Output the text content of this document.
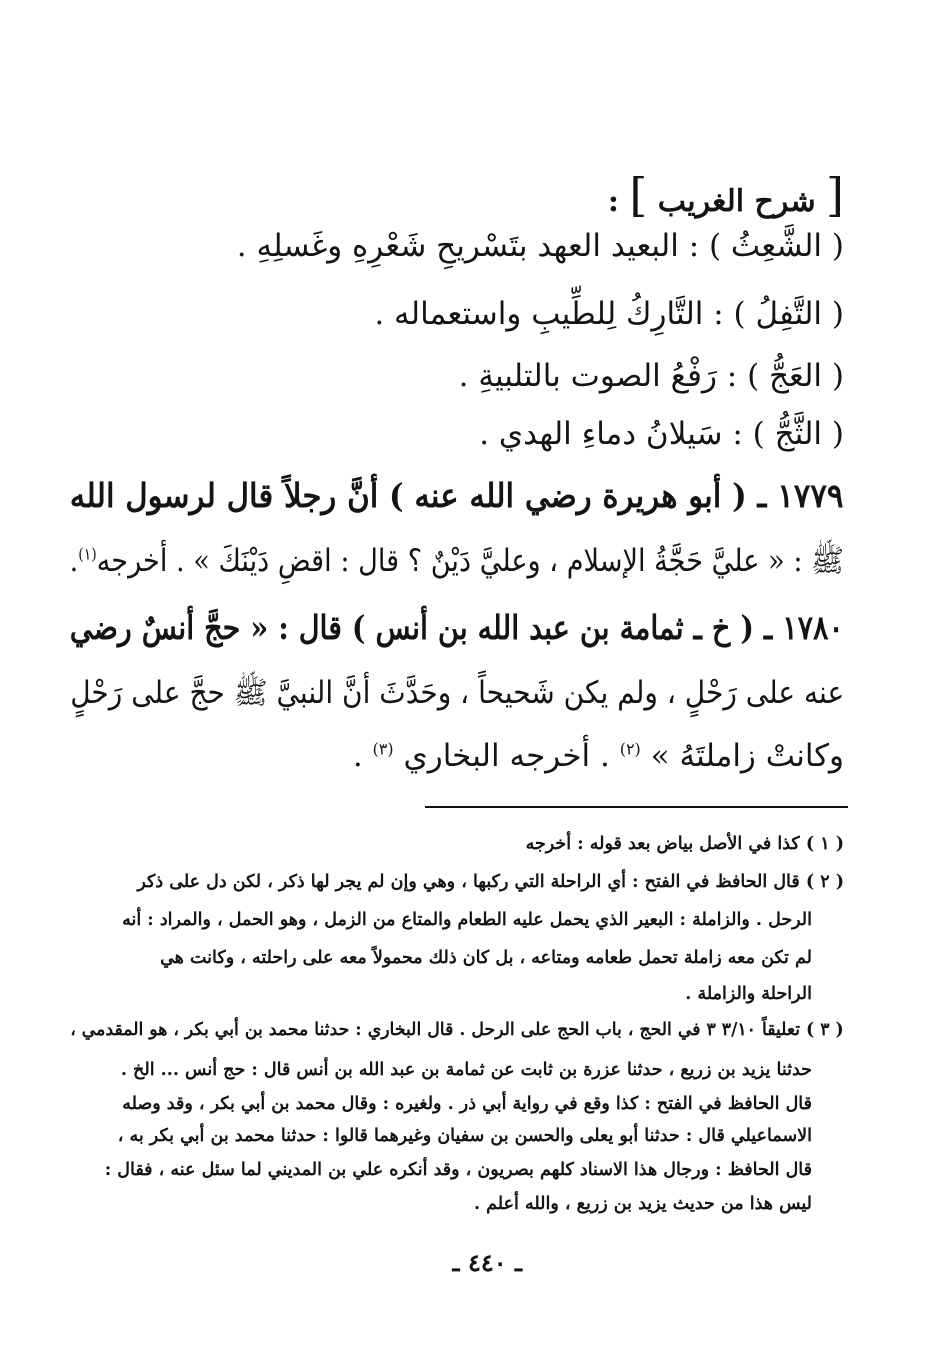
[ شرح الغريب ] :
( الشَّعِثُ ) : البعيد العهد بتَسْريحِ شَعْرِهِ وغَسلِهِ .
( التَّفِلُ ) : التَّارِكُ لِلطِّيبِ واستعماله .
( العَجُّ ) : رَفْعُ الصوت بالتلبيةِ .
( الثَّجُّ ) : سَيلانُ دماءِ الهدي .
١٧٧٩ ـ ( أبو هريرة رضي الله عنه ) أنَّ رجلاً قال لرسول الله
ﷺ : « عليَّ حَجَّةُ الإسلام ، وعليَّ دَيْنٌ ؟ قال : اقضِ دَيْنَكَ » . أخرجه$^{(١)}$.
١٧٨٠ ـ ( خ ـ ثمامة بن عبد الله بن أنس ) قال : « حجَّ أنسٌ رضي
عنه على رَحْلٍ ، ولم يكن شَحيحاً ، وحَدَّثَ أنَّ النبيَّ ﷺ حجَّ على رَحْلٍ
وكانتْ زاملتَهُ » $^{(٢)}$ . أخرجه البخاري $^{(٣)}$ .
( ١ ) كذا في الأصل بياض بعد قوله : أخرجه
( ٢ ) قال الحافظ في الفتح : أي الراحلة التي ركبها ، وهي وإن لم يجر لها ذكر ، لكن دل على ذكر
الرحل . والزاملة : البعير الذي يحمل عليه الطعام والمتاع من الزمل ، وهو الحمل ، والمراد : أنه
لم تكن معه زاملة تحمل طعامه ومتاعه ، بل كان ذلك محمولاً معه على راحلته ، وكانت هي
الراحلة والزاملة .
( ٣ ) تعليقاً ٣/١٠ ٣ في الحج ، باب الحج على الرحل . قال البخاري : حدثنا محمد بن أبي بكر ، هو المقدمي ،
حدثنا يزيد بن زريع ، حدثنا عزرة بن ثابت عن ثمامة بن عبد الله بن أنس قال : حج أنس ... الخ .
قال الحافظ في الفتح : كذا وقع في رواية أبي ذر . ولغيره : وقال محمد بن أبي بكر ، وقد وصله
الاسماعيلي قال : حدثنا أبو يعلى والحسن بن سفيان وغيرهما قالوا : حدثنا محمد بن أبي بكر به ،
قال الحافظ : ورجال هذا الاسناد كلهم بصريون ، وقد أنكره علي بن المديني لما سئل عنه ، فقال :
ليس هذا من حديث يزيد بن زريع ، والله أعلم .
ـ ٤٤٠ ـ
